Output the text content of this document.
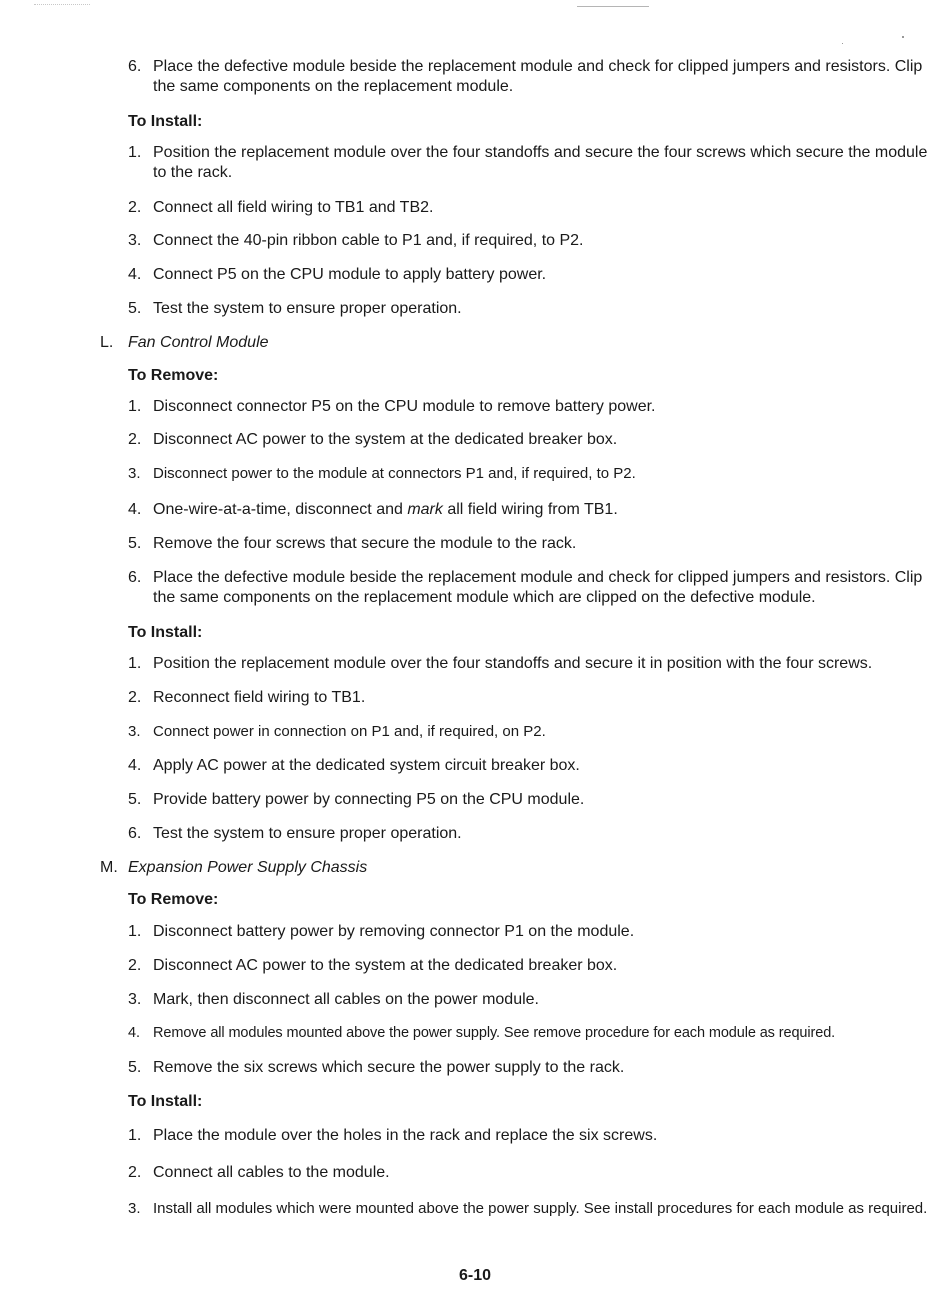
6. Place the defective module beside the replacement module and check for clipped jumpers and resistors. Clip the same components on the replacement module.
To Install:
1. Position the replacement module over the four standoffs and secure the four screws which secure the module to the rack.
2. Connect all field wiring to TB1 and TB2.
3. Connect the 40-pin ribbon cable to P1 and, if required, to P2.
4. Connect P5 on the CPU module to apply battery power.
5. Test the system to ensure proper operation.
L. Fan Control Module
To Remove:
1. Disconnect connector P5 on the CPU module to remove battery power.
2. Disconnect AC power to the system at the dedicated breaker box.
3. Disconnect power to the module at connectors P1 and, if required, to P2.
4. One-wire-at-a-time, disconnect and mark all field wiring from TB1.
5. Remove the four screws that secure the module to the rack.
6. Place the defective module beside the replacement module and check for clipped jumpers and resistors. Clip the same components on the replacement module which are clipped on the defective module.
To Install:
1. Position the replacement module over the four standoffs and secure it in position with the four screws.
2. Reconnect field wiring to TB1.
3. Connect power in connection on P1 and, if required, on P2.
4. Apply AC power at the dedicated system circuit breaker box.
5. Provide battery power by connecting P5 on the CPU module.
6. Test the system to ensure proper operation.
M. Expansion Power Supply Chassis
To Remove:
1. Disconnect battery power by removing connector P1 on the module.
2. Disconnect AC power to the system at the dedicated breaker box.
3. Mark, then disconnect all cables on the power module.
4. Remove all modules mounted above the power supply. See remove procedure for each module as required.
5. Remove the six screws which secure the power supply to the rack.
To Install:
1. Place the module over the holes in the rack and replace the six screws.
2. Connect all cables to the module.
3. Install all modules which were mounted above the power supply. See install procedures for each module as required.
6-10
